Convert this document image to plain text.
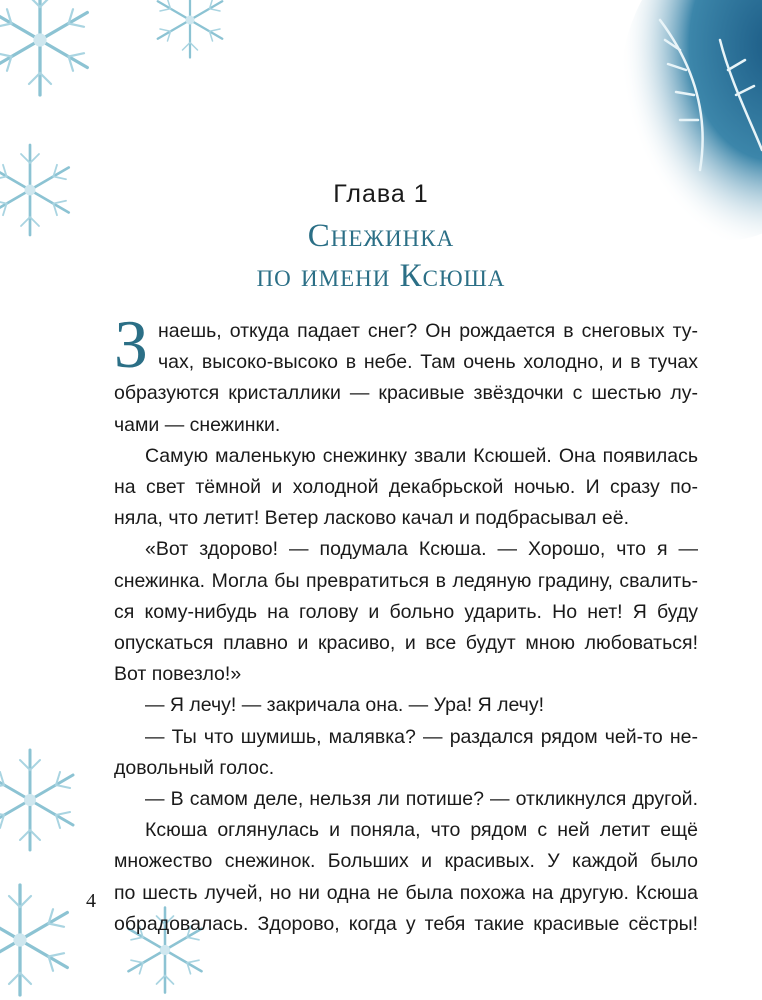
Глава 1
Снежинка
по имени Ксюша
З наешь, откуда падает снег? Он рождается в снеговых ту-
чах, высоко-высоко в небе. Там очень холодно, и в тучах
образуются кристаллики — красивые звёздочки с шестью лу-
чами — снежинки.
Самую маленькую снежинку звали Ксюшей. Она появилась
на свет тёмной и холодной декабрьской ночью. И сразу по-
няла, что летит! Ветер ласково качал и подбрасывал её.
«Вот здорово! — подумала Ксюша. — Хорошо, что я —
снежинка. Могла бы превратиться в ледяную градину, свалить-
ся кому-нибудь на голову и больно ударить. Но нет! Я буду
опускаться плавно и красиво, и все будут мною любоваться!
Вот повезло!»
— Я лечу! — закричала она. — Ура! Я лечу!
— Ты что шумишь, малявка? — раздался рядом чей-то не-
довольный голос.
— В самом деле, нельзя ли потише? — откликнулся другой.
Ксюша оглянулась и поняла, что рядом с ней летит ещё
множество снежинок. Больших и красивых. У каждой было
по шесть лучей, но ни одна не была похожа на другую. Ксюша
обрадовалась. Здорово, когда у тебя такие красивые сёстры!
4
